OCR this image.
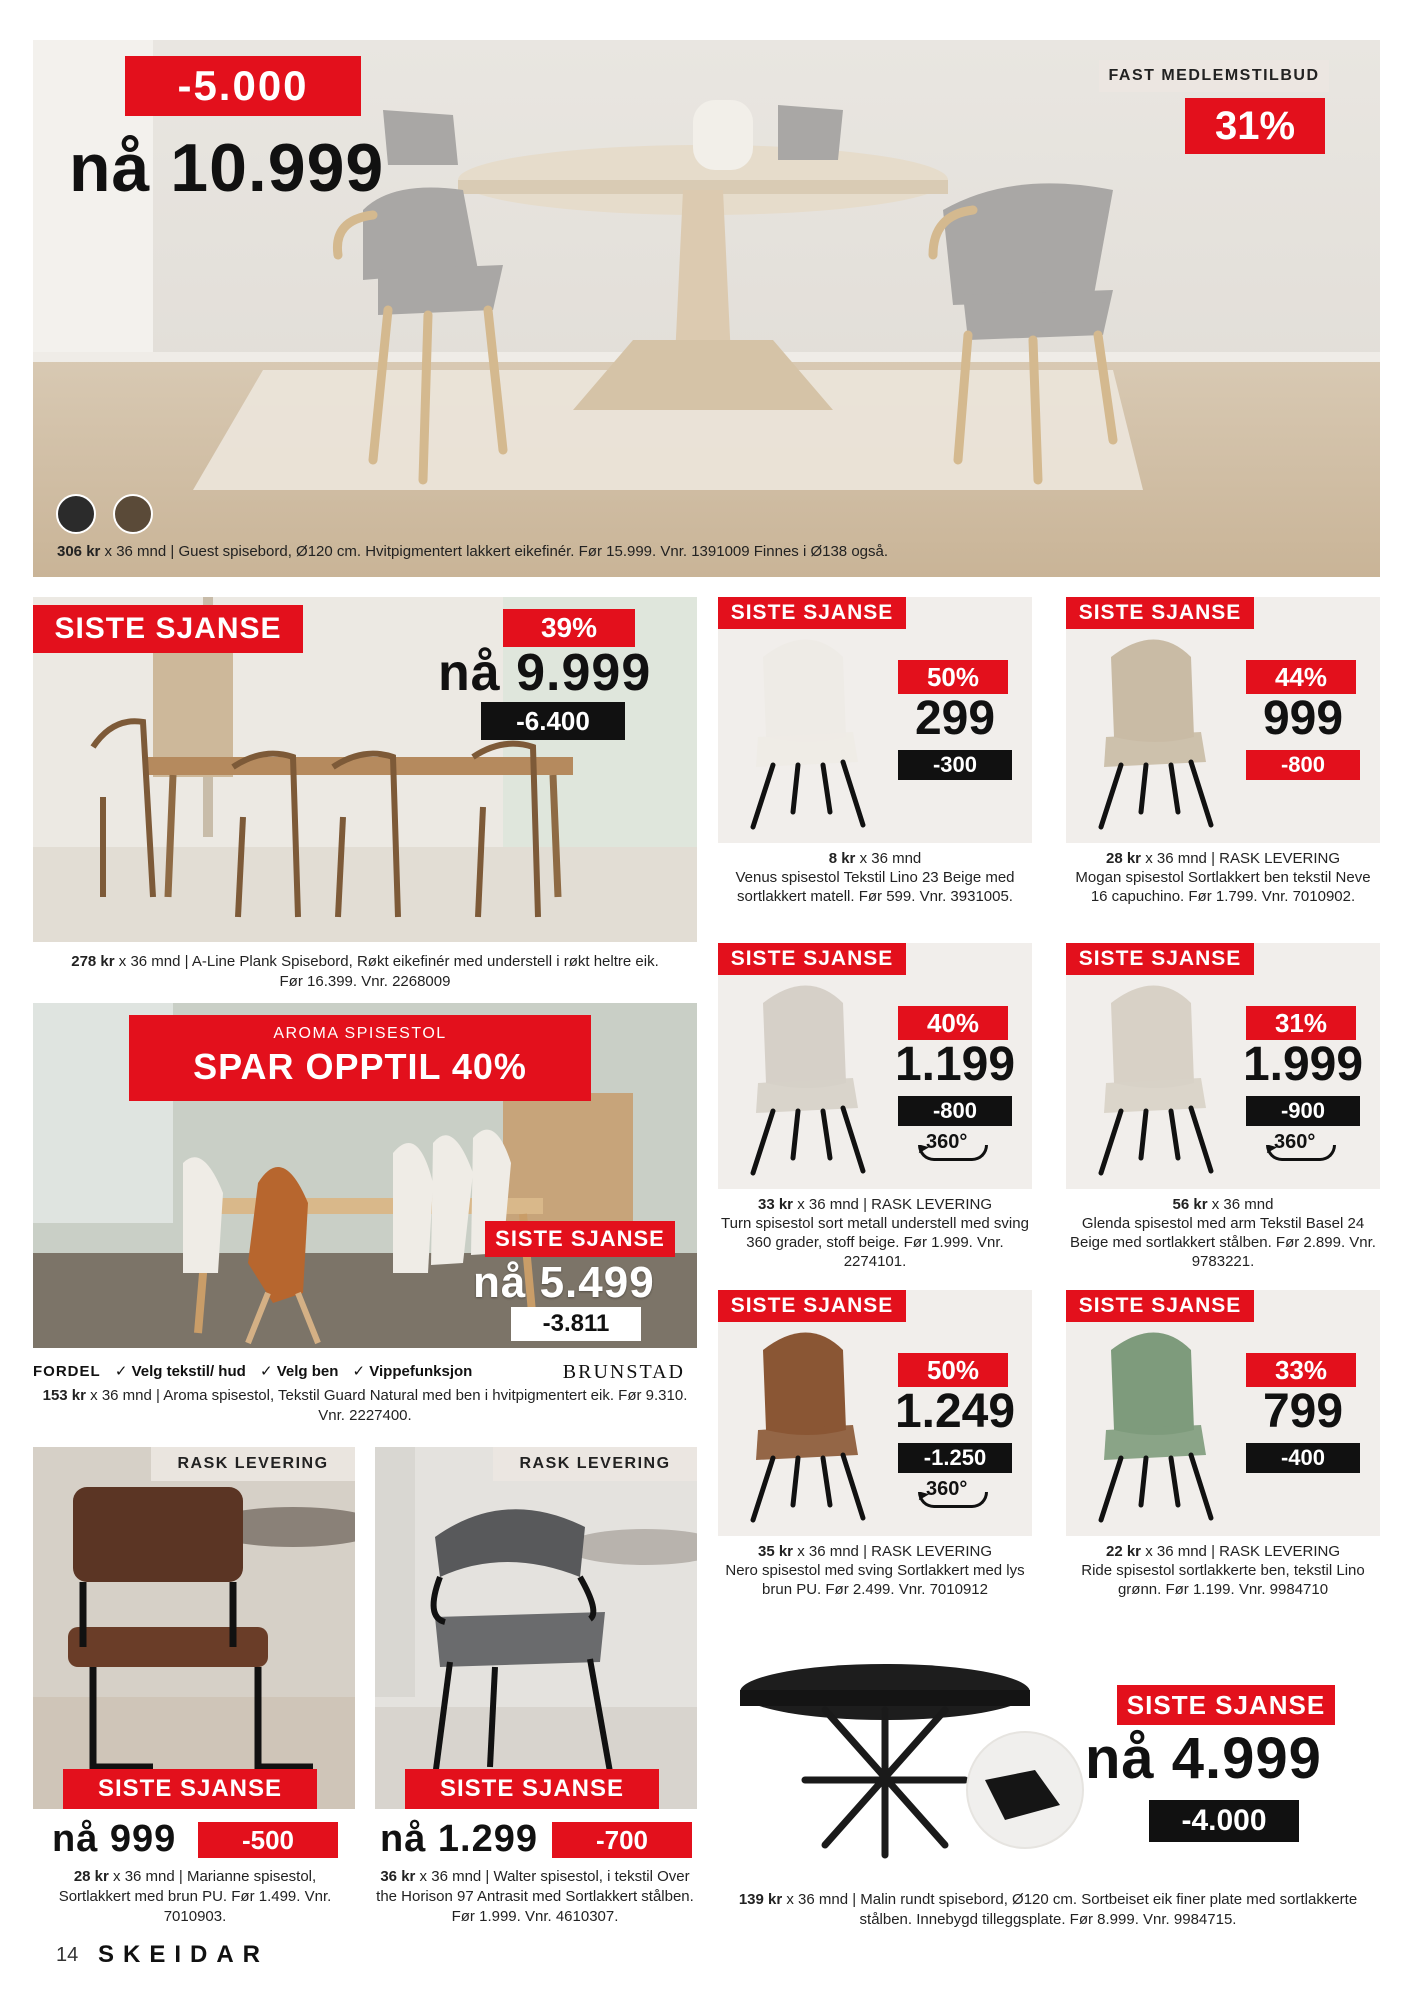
-5.000
nå 10.999
FAST MEDLEMSTILBUD
31%
306 kr x 36 mnd | Guest spisebord, Ø120 cm. Hvitpigmentert lakkert eikefinér. Før 15.999. Vnr. 1391009 Finnes i Ø138 også.
SISTE SJANSE	39%
nå 9.999
-6.400
278 kr x 36 mnd | A-Line Plank Spisebord, Røkt eikefinér med understell i røkt heltre eik. Før 16.399. Vnr. 2268009
AROMA SPISESTOL
SPAR OPPTIL 40%
SISTE SJANSE
nå 5.499
-3.811
FORDEL ✓ Velg tekstil/ hud ✓ Velg ben ✓ Vippefunksjon	BRUNSTAD
153 kr x 36 mnd | Aroma spisestol, Tekstil Guard Natural med ben i hvitpigmentert eik. Før 9.310. Vnr. 2227400.
RASK LEVERING
SISTE SJANSE
nå 999	-500
28 kr x 36 mnd | Marianne spisestol, Sortlakkert med brun PU. Før 1.499. Vnr. 7010903.
RASK LEVERING
SISTE SJANSE
nå 1.299	-700
36 kr x 36 mnd | Walter spisestol, i tekstil Over the Horison 97 Antrasit med Sortlakkert stålben. Før 1.999. Vnr. 4610307.
SISTE SJANSE
50%
299
-300
8 kr x 36 mnd
Venus spisestol Tekstil Lino 23 Beige med sortlakkert matell. Før 599. Vnr. 3931005.
SISTE SJANSE
44%
999
-800
28 kr x 36 mnd | RASK LEVERING
Mogan spisestol Sortlakkert ben tekstil Neve 16 capuchino. Før 1.799. Vnr. 7010902.
SISTE SJANSE
40%
1.199
-800
360°
33 kr x 36 mnd | RASK LEVERING
Turn spisestol sort metall understell med sving 360 grader, stoff beige. Før 1.999. Vnr. 2274101.
SISTE SJANSE
31%
1.999
-900
360°
56 kr x 36 mnd
Glenda spisestol med arm Tekstil Basel 24 Beige med sortlakkert stålben. Før 2.899. Vnr. 9783221.
SISTE SJANSE
50%
1.249
-1.250
360°
35 kr x 36 mnd | RASK LEVERING
Nero spisestol med sving Sortlakkert med lys brun PU. Før 2.499. Vnr. 7010912
SISTE SJANSE
33%
799
-400
22 kr x 36 mnd | RASK LEVERING
Ride spisestol sortlakkerte ben, tekstil Lino grønn. Før 1.199. Vnr. 9984710
SISTE SJANSE
nå 4.999
-4.000
139 kr x 36 mnd | Malin rundt spisebord, Ø120 cm. Sortbeiset eik finer plate med sortlakkerte stålben. Innebygd tilleggsplate. Før 8.999. Vnr. 9984715.
14 SKEIDAR
